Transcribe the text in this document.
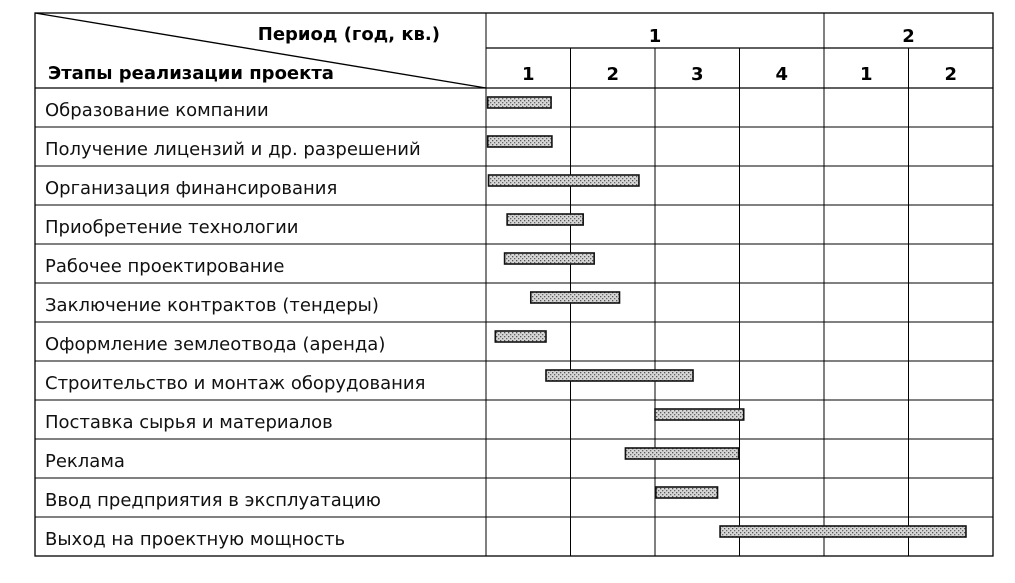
Период (год, кв.)
Этапы реализации проекта
1	2
1	2	3	4	1	2
Образование компании
Получение лицензий и др. разрешений
Организация финансирования
Приобретение технологии
Рабочее проектирование
Заключение контрактов (тендеры)
Оформление землеотвода (аренда)
Строительство и монтаж оборудования
Поставка сырья и материалов
Реклама
Ввод предприятия в эксплуатацию
Выход на проектную мощность
